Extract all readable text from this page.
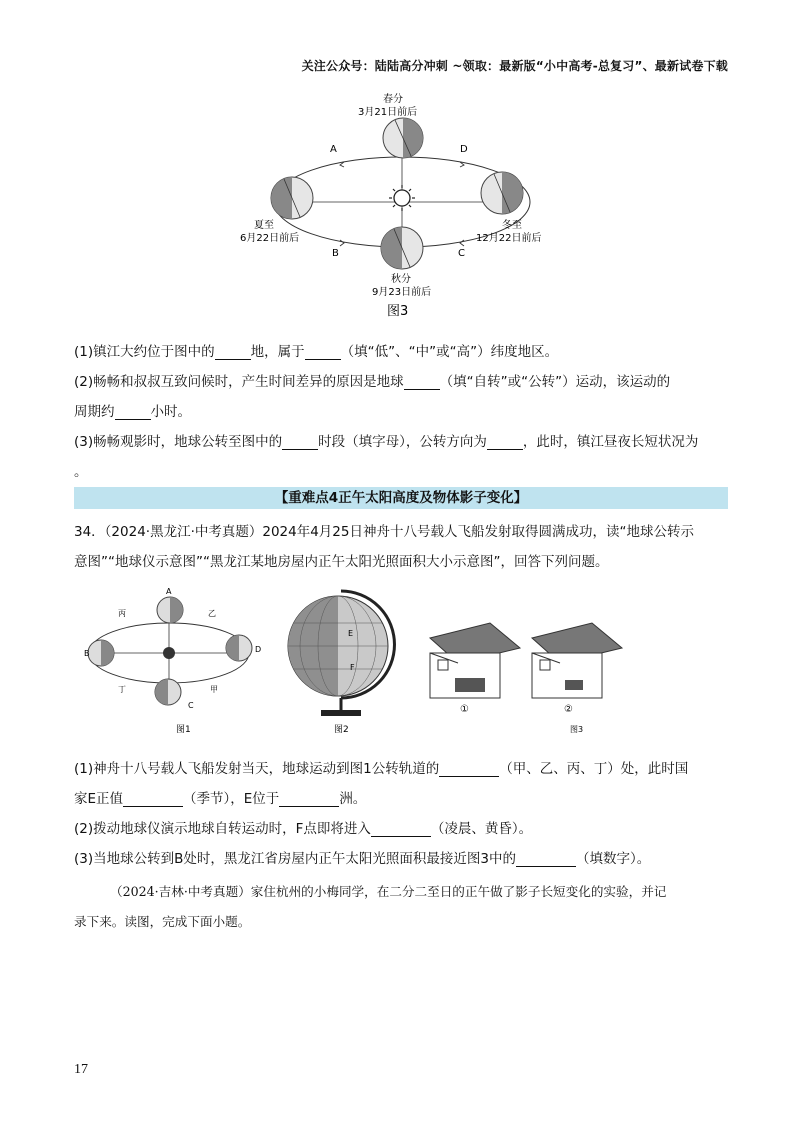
关注公众号：陆陆高分冲刺 ~领取：最新版“小中高考-总复习”、最新试卷下载
春分
3月21日前后
夏至
6月22日前后
冬至
12月22日前后
秋分
9月23日前后
A
B	C
D
图3
(1)镇江大约位于图中的	地，属于	（填“低”、“中”或“高”）纬度地区。
(2)畅畅和叔叔互致问候时，产生时间差异的原因是地球	（填“自转”或“公转”）运动，该运动的
周期约	小时。
(3)畅畅观影时，地球公转至图中的	时段（填字母），公转方向为	，此时，镇江昼夜长短状况为
。
【重难点4正午太阳高度及物体影子变化】
34．（2024·黑龙江·中考真题）2024年4月25日神舟十八号载人飞船发射取得圆满成功，读“地球公转示
意图”“地球仪示意图”“黑龙江某地房屋内正午太阳光照面积大小示意图”，回答下列问题。
A
B
C
D
丙	乙
丁	甲
图1
E
F
图2
①	②
图3
(1)神舟十八号载人飞船发射当天，地球运动到图1公转轨道的	（甲、乙、丙、丁）处，此时国
家E正值	（季节），E位于	洲。
(2)拨动地球仪演示地球自转运动时，F点即将进入	（凌晨、黄昏）。
(3)当地球公转到B处时，黑龙江省房屋内正午太阳光照面积最接近图3中的	（填数字）。
（2024·吉林·中考真题）家住杭州的小梅同学，在二分二至日的正午做了影子长短变化的实验，并记
录下来。读图，完成下面小题。
17
